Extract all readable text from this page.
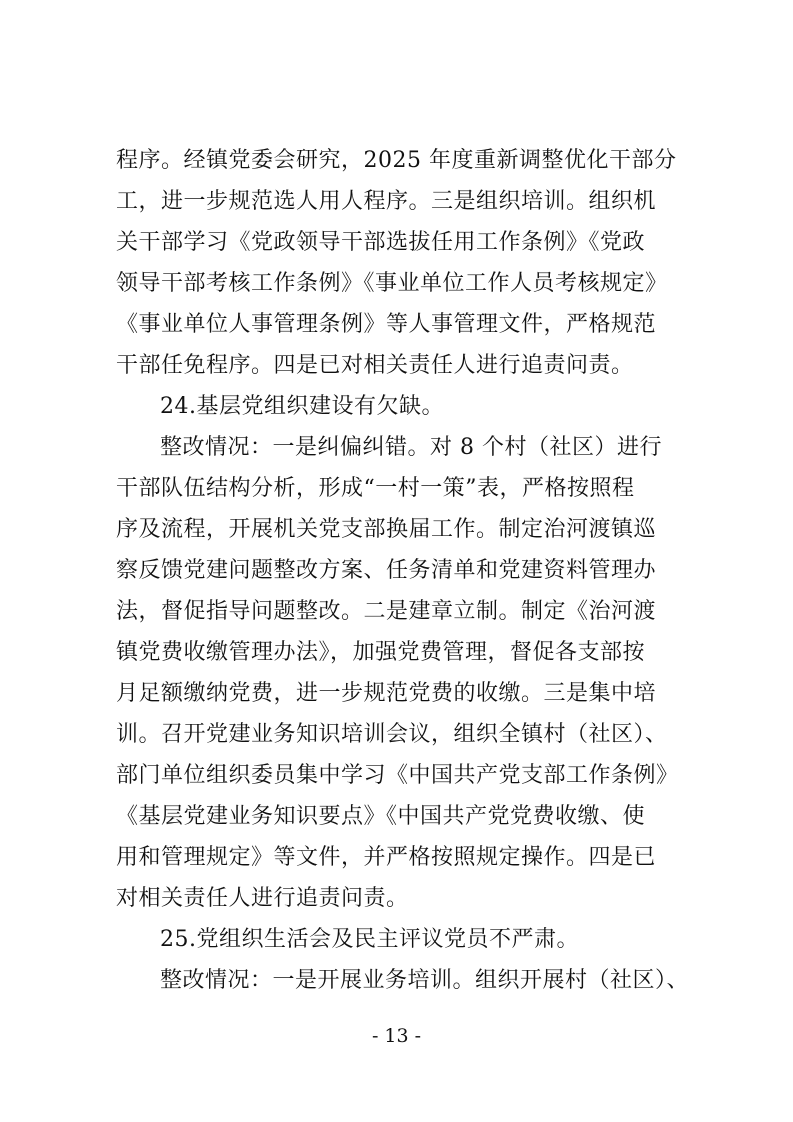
程序。经镇党委会研究，2025 年度重新调整优化干部分
工，进一步规范选人用人程序。三是组织培训。组织机
关干部学习《党政领导干部选拔任用工作条例》《党政
领导干部考核工作条例》《事业单位工作人员考核规定》
《事业单位人事管理条例》等人事管理文件，严格规范
干部任免程序。四是已对相关责任人进行追责问责。
24.基层党组织建设有欠缺。
整改情况：一是纠偏纠错。对 8 个村（社区）进行
干部队伍结构分析，形成“一村一策”表，严格按照程
序及流程，开展机关党支部换届工作。制定治河渡镇巡
察反馈党建问题整改方案、任务清单和党建资料管理办
法，督促指导问题整改。二是建章立制。制定《治河渡
镇党费收缴管理办法》，加强党费管理，督促各支部按
月足额缴纳党费，进一步规范党费的收缴。三是集中培
训。召开党建业务知识培训会议，组织全镇村（社区）、
部门单位组织委员集中学习《中国共产党支部工作条例》
《基层党建业务知识要点》《中国共产党党费收缴、使
用和管理规定》等文件，并严格按照规定操作。四是已
对相关责任人进行追责问责。
25.党组织生活会及民主评议党员不严肃。
整改情况：一是开展业务培训。组织开展村（社区）、
- 13 -
